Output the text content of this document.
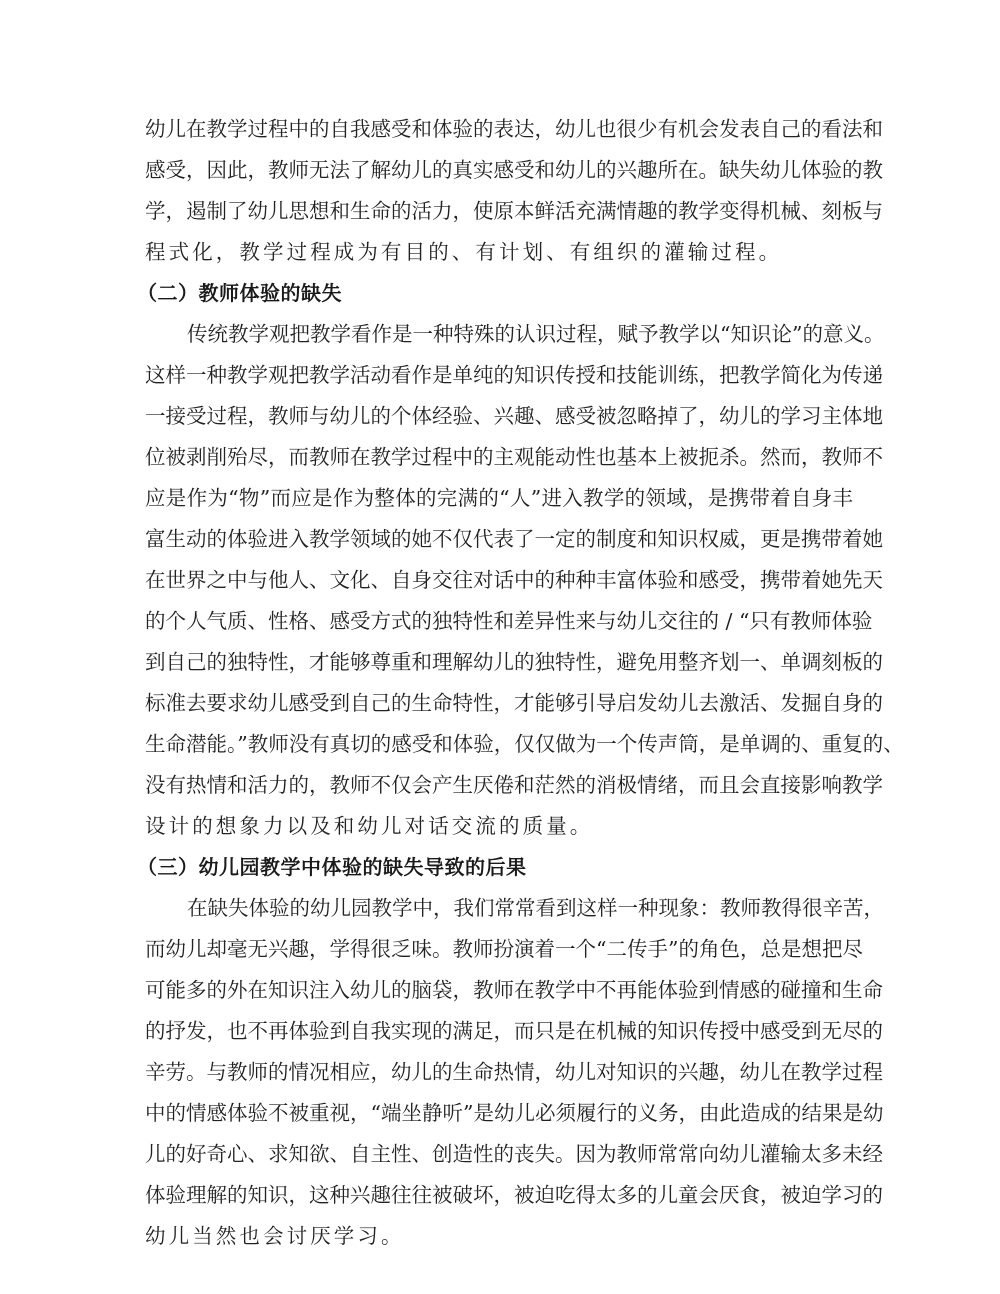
幼儿在教学过程中的自我感受和体验的表达，幼儿也很少有机会发表自己的看法和
感受，因此，教师无法了解幼儿的真实感受和幼儿的兴趣所在。缺失幼儿体验的教
学，遏制了幼儿思想和生命的活力，使原本鲜活充满情趣的教学变得机械、刻板与
程式化，教学过程成为有目的、有计划、有组织的灌输过程。
（二）教师体验的缺失
传统教学观把教学看作是一种特殊的认识过程，赋予教学以“知识论”的意义。
这样一种教学观把教学活动看作是单纯的知识传授和技能训练，把教学简化为传递
一接受过程，教师与幼儿的个体经验、兴趣、感受被忽略掉了，幼儿的学习主体地
位被剥削殆尽，而教师在教学过程中的主观能动性也基本上被扼杀。然而，教师不
应是作为“物”而应是作为整体的完满的“人”进入教学的领域，是携带着自身丰
富生动的体验进入教学领域的她不仅代表了一定的制度和知识权威，更是携带着她
在世界之中与他人、文化、自身交往对话中的种种丰富体验和感受，携带着她先天
的个人气质、性格、感受方式的独特性和差异性来与幼儿交往的 / “只有教师体验
到自己的独特性，才能够尊重和理解幼儿的独特性，避免用整齐划一、单调刻板的
标准去要求幼儿感受到自己的生命特性，才能够引导启发幼儿去激活、发掘自身的
生命潜能。”教师没有真切的感受和体验，仅仅做为一个传声筒，是单调的、重复的、
没有热情和活力的，教师不仅会产生厌倦和茫然的消极情绪，而且会直接影响教学
设计的想象力以及和幼儿对话交流的质量。
（三）幼儿园教学中体验的缺失导致的后果
在缺失体验的幼儿园教学中，我们常常看到这样一种现象：教师教得很辛苦，
而幼儿却毫无兴趣，学得很乏味。教师扮演着一个“二传手”的角色，总是想把尽
可能多的外在知识注入幼儿的脑袋，教师在教学中不再能体验到情感的碰撞和生命
的抒发，也不再体验到自我实现的满足，而只是在机械的知识传授中感受到无尽的
辛劳。与教师的情况相应，幼儿的生命热情，幼儿对知识的兴趣，幼儿在教学过程
中的情感体验不被重视，“端坐静听”是幼儿必须履行的义务，由此造成的结果是幼
儿的好奇心、求知欲、自主性、创造性的丧失。因为教师常常向幼儿灌输太多未经
体验理解的知识，这种兴趣往往被破坏，被迫吃得太多的儿童会厌食，被迫学习的
幼儿当然也会讨厌学习。
